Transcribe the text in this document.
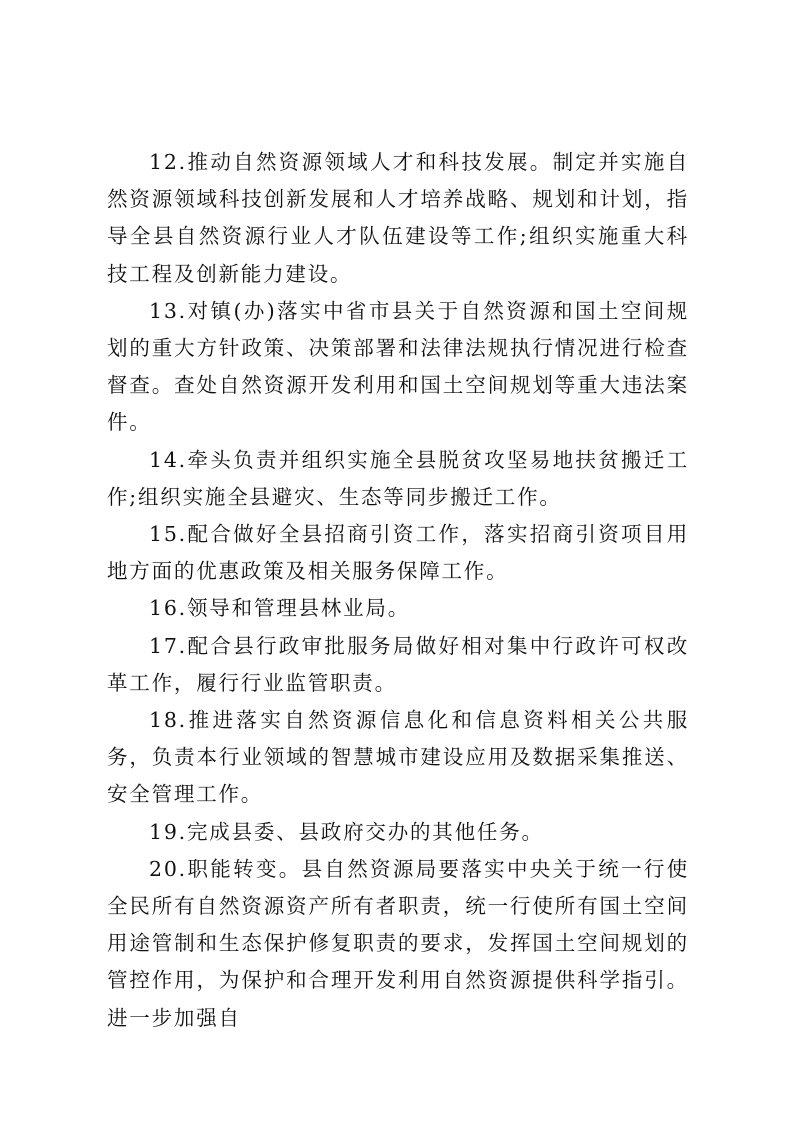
12.推动自然资源领域人才和科技发展。制定并实施自然资源领域科技创新发展和人才培养战略、规划和计划，指导全县自然资源行业人才队伍建设等工作;组织实施重大科技工程及创新能力建设。

13.对镇(办)落实中省市县关于自然资源和国土空间规划的重大方针政策、决策部署和法律法规执行情况进行检查督查。查处自然资源开发利用和国土空间规划等重大违法案件。

14.牵头负责并组织实施全县脱贫攻坚易地扶贫搬迁工作;组织实施全县避灾、生态等同步搬迁工作。

15.配合做好全县招商引资工作，落实招商引资项目用地方面的优惠政策及相关服务保障工作。

16.领导和管理县林业局。

17.配合县行政审批服务局做好相对集中行政许可权改革工作，履行行业监管职责。

18.推进落实自然资源信息化和信息资料相关公共服务，负责本行业领域的智慧城市建设应用及数据采集推送、安全管理工作。

19.完成县委、县政府交办的其他任务。

20.职能转变。县自然资源局要落实中央关于统一行使全民所有自然资源资产所有者职责，统一行使所有国土空间用途管制和生态保护修复职责的要求，发挥国土空间规划的管控作用，为保护和合理开发利用自然资源提供科学指引。进一步加强自
